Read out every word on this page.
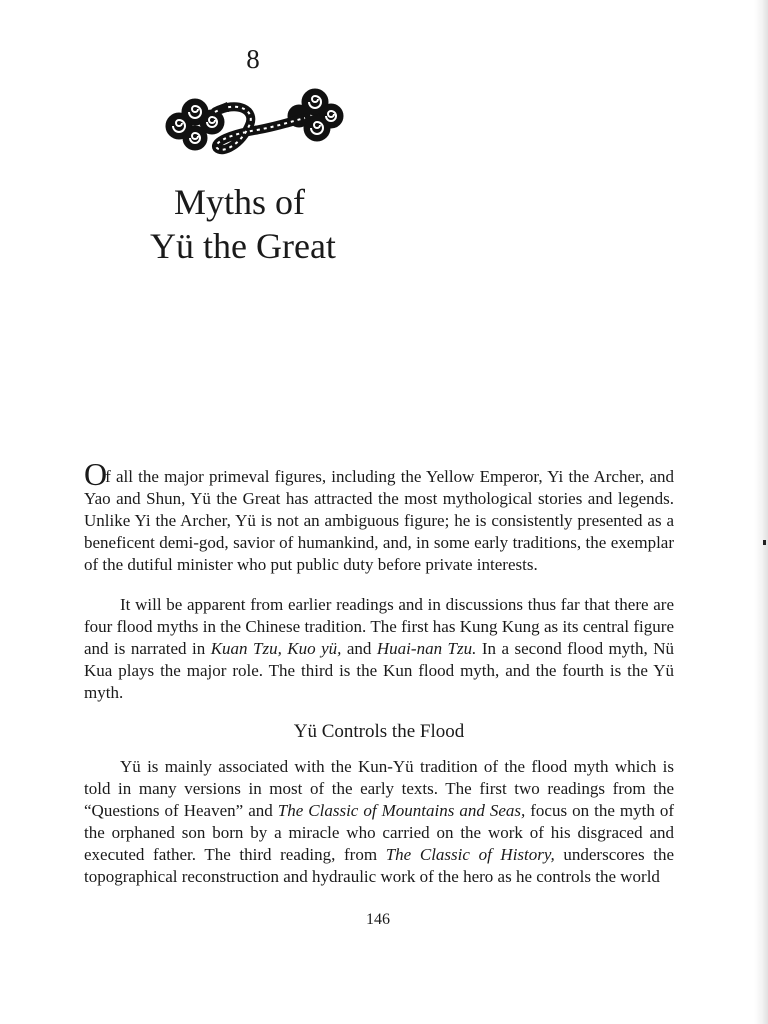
8
Myths of
Yü the Great

Of all the major primeval figures, including the Yellow Emperor, Yi the Archer, and Yao and Shun, Yü the Great has attracted the most mythological stories and legends. Unlike Yi the Archer, Yü is not an ambiguous figure; he is consistently presented as a beneficent demi-god, savior of humankind, and, in some early traditions, the exemplar of the dutiful minister who put public duty before private interests.

It will be apparent from earlier readings and in discussions thus far that there are four flood myths in the Chinese tradition. The first has Kung Kung as its central figure and is narrated in Kuan Tzu, Kuo yü, and Huai-nan Tzu. In a second flood myth, Nü Kua plays the major role. The third is the Kun flood myth, and the fourth is the Yü myth.

Yü Controls the Flood

Yü is mainly associated with the Kun-Yü tradition of the flood myth which is told in many versions in most of the early texts. The first two readings from the “Questions of Heaven” and The Classic of Mountains and Seas, focus on the myth of the orphaned son born by a miracle who carried on the work of his disgraced and executed father. The third reading, from The Classic of History, underscores the topographical reconstruction and hydraulic work of the hero as he controls the world

146
